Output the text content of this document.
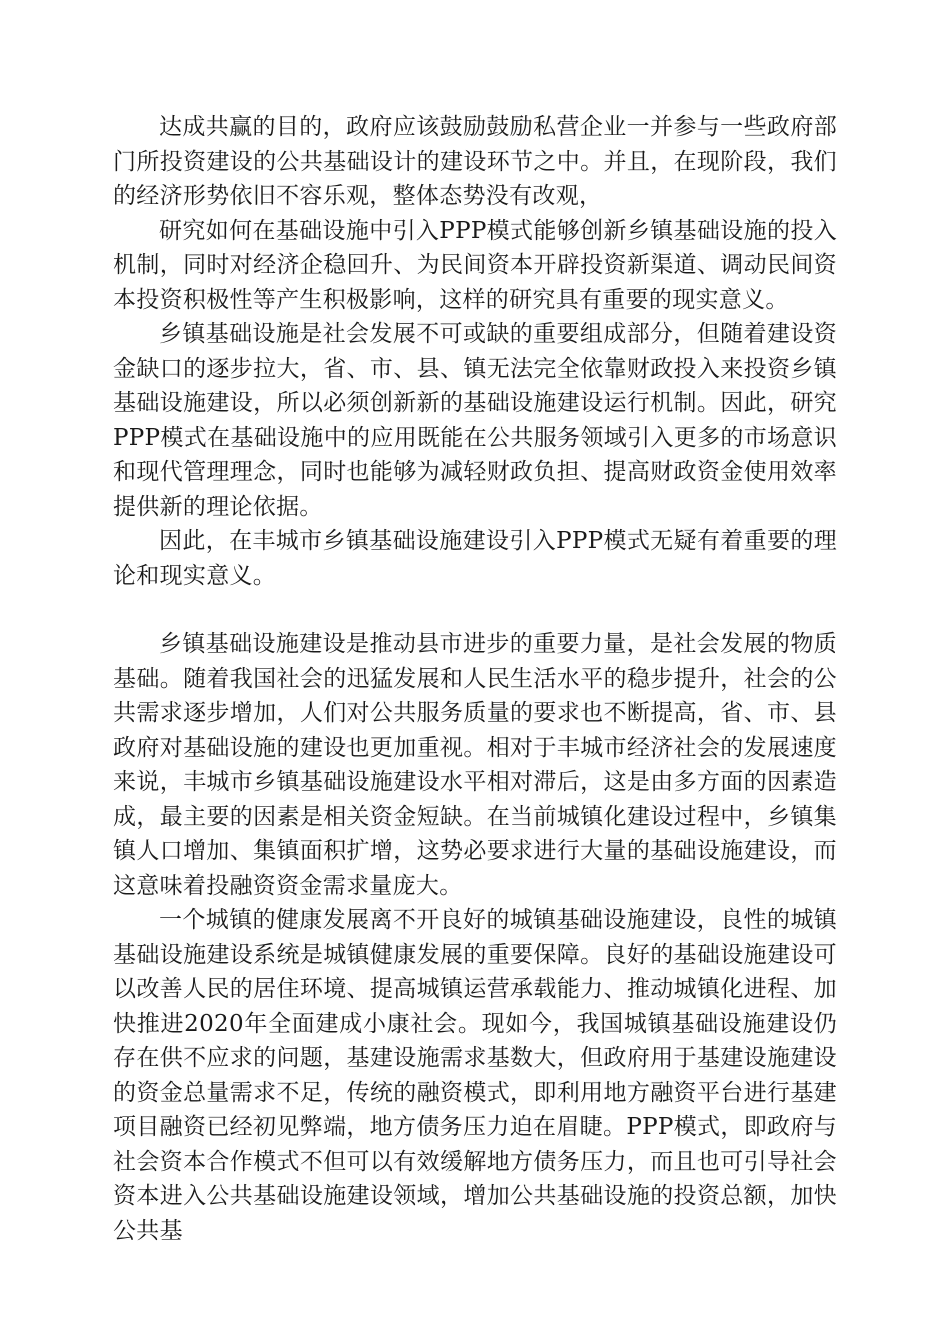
达成共赢的目的，政府应该鼓励鼓励私营企业一并参与一些政府部门所投资建设的公共基础设计的建设环节之中。并且，在现阶段，我们的经济形势依旧不容乐观，整体态势没有改观，

研究如何在基础设施中引入PPP模式能够创新乡镇基础设施的投入机制，同时对经济企稳回升、为民间资本开辟投资新渠道、调动民间资本投资积极性等产生积极影响，这样的研究具有重要的现实意义。

乡镇基础设施是社会发展不可或缺的重要组成部分，但随着建设资金缺口的逐步拉大，省、市、县、镇无法完全依靠财政投入来投资乡镇基础设施建设，所以必须创新新的基础设施建设运行机制。因此，研究PPP模式在基础设施中的应用既能在公共服务领域引入更多的市场意识和现代管理理念，同时也能够为减轻财政负担、提高财政资金使用效率提供新的理论依据。

因此，在丰城市乡镇基础设施建设引入PPP模式无疑有着重要的理论和现实意义。

乡镇基础设施建设是推动县市进步的重要力量，是社会发展的物质基础。随着我国社会的迅猛发展和人民生活水平的稳步提升，社会的公共需求逐步增加，人们对公共服务质量的要求也不断提高，省、市、县政府对基础设施的建设也更加重视。相对于丰城市经济社会的发展速度来说，丰城市乡镇基础设施建设水平相对滞后，这是由多方面的因素造成，最主要的因素是相关资金短缺。在当前城镇化建设过程中，乡镇集镇人口增加、集镇面积扩增，这势必要求进行大量的基础设施建设，而这意味着投融资资金需求量庞大。

一个城镇的健康发展离不开良好的城镇基础设施建设，良性的城镇基础设施建设系统是城镇健康发展的重要保障。良好的基础设施建设可以改善人民的居住环境、提高城镇运营承载能力、推动城镇化进程、加快推进2020年全面建成小康社会。现如今，我国城镇基础设施建设仍存在供不应求的问题，基建设施需求基数大，但政府用于基建设施建设的资金总量需求不足，传统的融资模式，即利用地方融资平台进行基建项目融资已经初见弊端，地方债务压力迫在眉睫。PPP模式，即政府与社会资本合作模式不但可以有效缓解地方债务压力，而且也可引导社会资本进入公共基础设施建设领域，增加公共基础设施的投资总额，加快公共基
